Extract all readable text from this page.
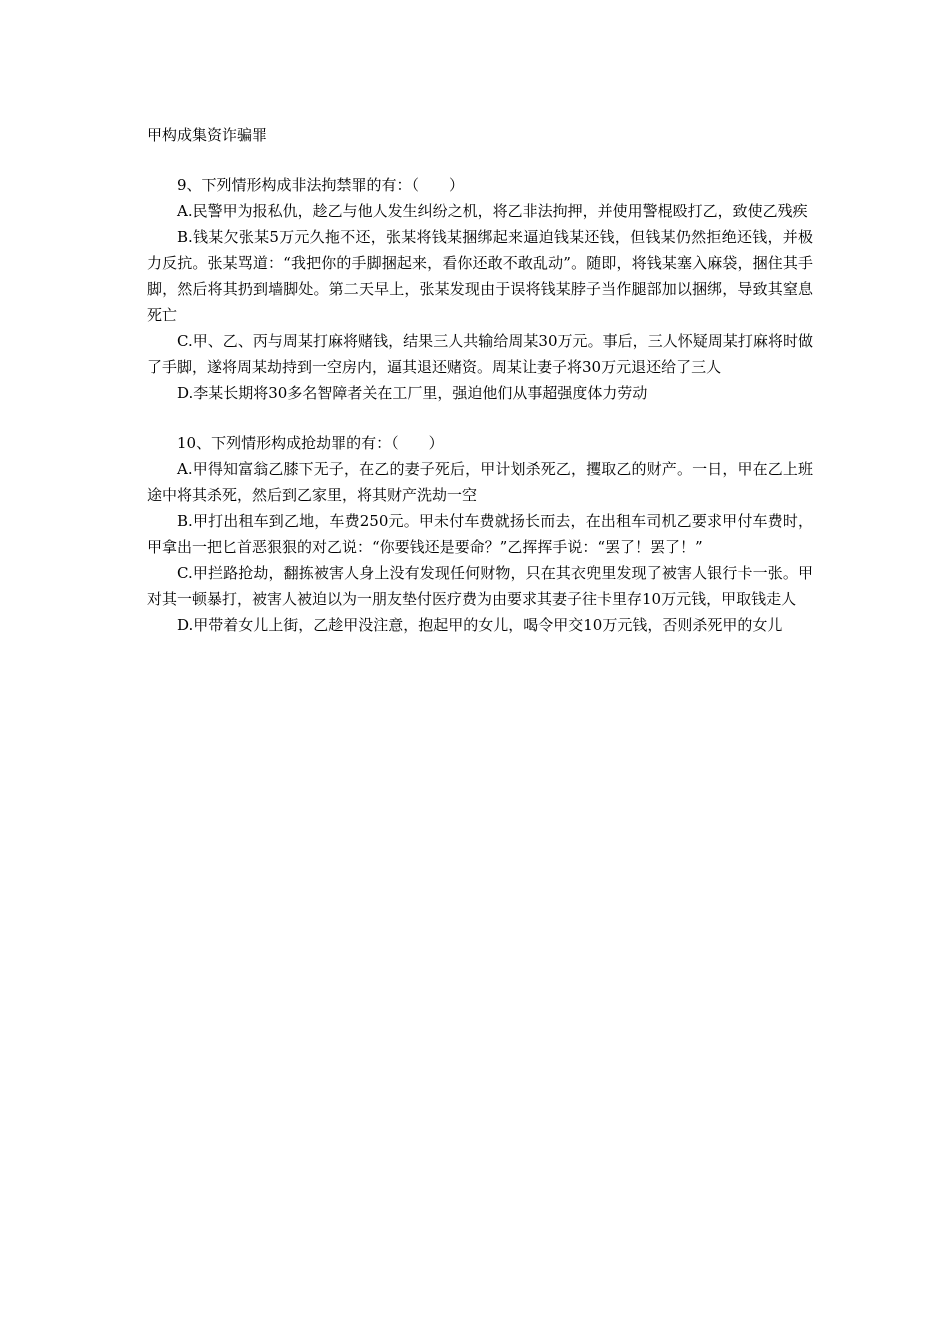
甲构成集资诈骗罪

9、下列情形构成非法拘禁罪的有：（　　）

A.民警甲为报私仇，趁乙与他人发生纠纷之机，将乙非法拘押，并使用警棍殴打乙，致使乙残疾

B.钱某欠张某5万元久拖不还，张某将钱某捆绑起来逼迫钱某还钱，但钱某仍然拒绝还钱，并极力反抗。张某骂道：“我把你的手脚捆起来，看你还敢不敢乱动”。随即，将钱某塞入麻袋，捆住其手脚，然后将其扔到墙脚处。第二天早上，张某发现由于误将钱某脖子当作腿部加以捆绑，导致其窒息死亡

C.甲、乙、丙与周某打麻将赌钱，结果三人共输给周某30万元。事后，三人怀疑周某打麻将时做了手脚，遂将周某劫持到一空房内，逼其退还赌资。周某让妻子将30万元退还给了三人

D.李某长期将30多名智障者关在工厂里，强迫他们从事超强度体力劳动

10、下列情形构成抢劫罪的有：（　　）

A.甲得知富翁乙膝下无子，在乙的妻子死后，甲计划杀死乙，攫取乙的财产。一日，甲在乙上班途中将其杀死，然后到乙家里，将其财产洗劫一空

B.甲打出租车到乙地，车费250元。甲未付车费就扬长而去，在出租车司机乙要求甲付车费时，甲拿出一把匕首恶狠狠的对乙说：“你要钱还是要命？”乙挥挥手说：“罢了！罢了！”

C.甲拦路抢劫，翻拣被害人身上没有发现任何财物，只在其衣兜里发现了被害人银行卡一张。甲对其一顿暴打，被害人被迫以为一朋友垫付医疗费为由要求其妻子往卡里存10万元钱，甲取钱走人

D.甲带着女儿上街，乙趁甲没注意，抱起甲的女儿，喝令甲交10万元钱，否则杀死甲的女儿
